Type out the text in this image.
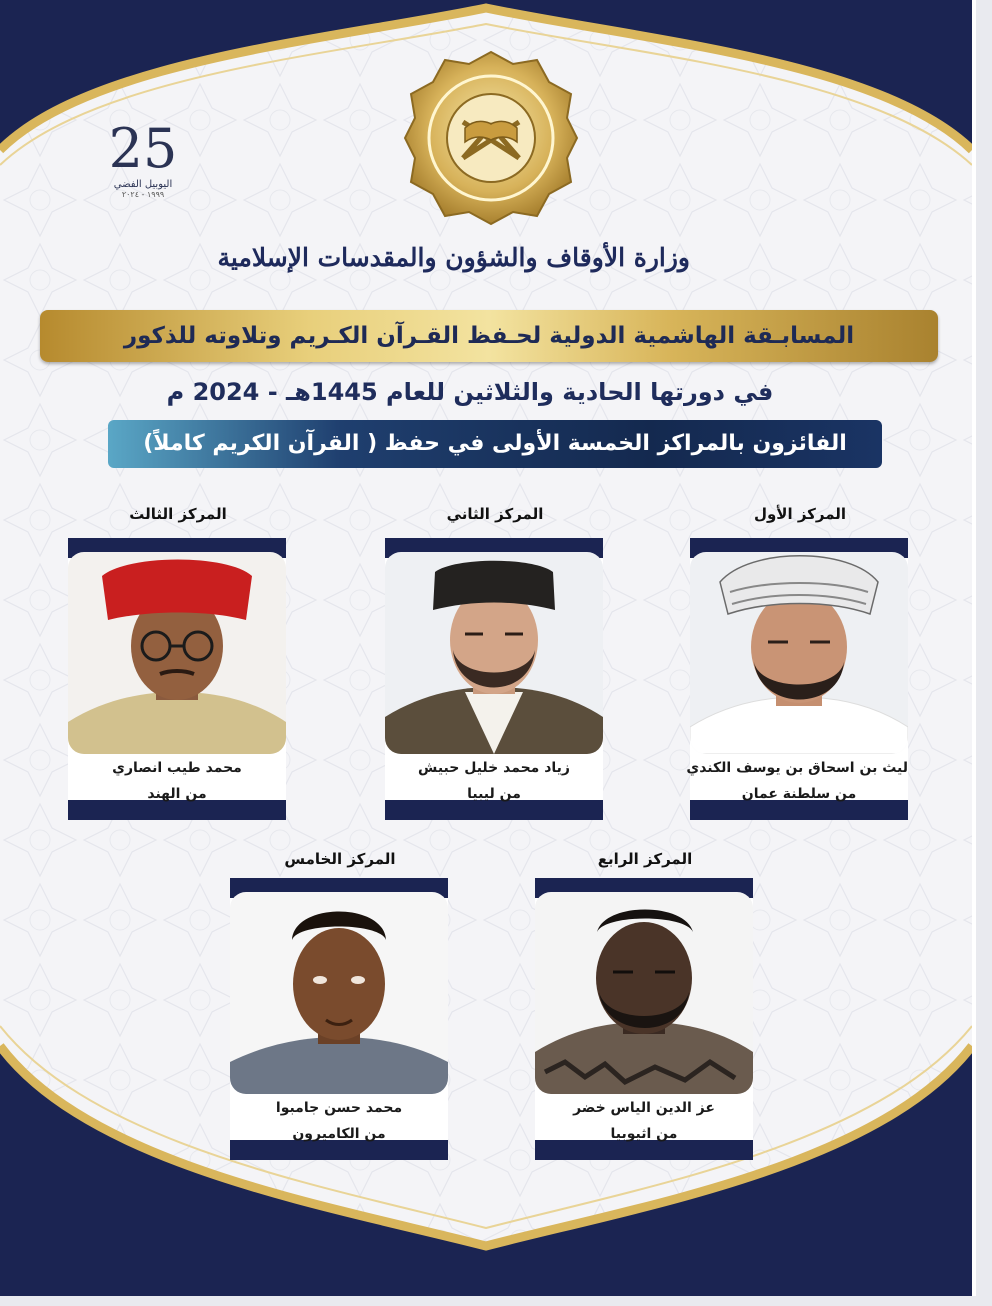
25
اليوبيل الفضي
١٩٩٩ - ٢٠٢٤
وزارة الأوقاف والشؤون والمقدسات الإسلامية
المسابـقة الهاشمية الدولية لحـفظ القـرآن الكـريم وتلاوته للذكور
في دورتها الحادية والثلاثين للعام 1445هـ - 2024 م
الفائزون بالمراكز الخمسة الأولى في حفظ ( القرآن الكريم كاملاً)
المركز الأول
المركز الثاني
المركز الثالث
المركز الرابع
المركز الخامس
ليث بن اسحاق بن يوسف الكندي
من سلطنة عمان
زياد محمد خليل حبيش
من ليبيا
محمد طيب انصاري
من الهند
عز الدين الياس خضر
من اثيوبيا
محمد حسن جامبوا
من الكاميرون
